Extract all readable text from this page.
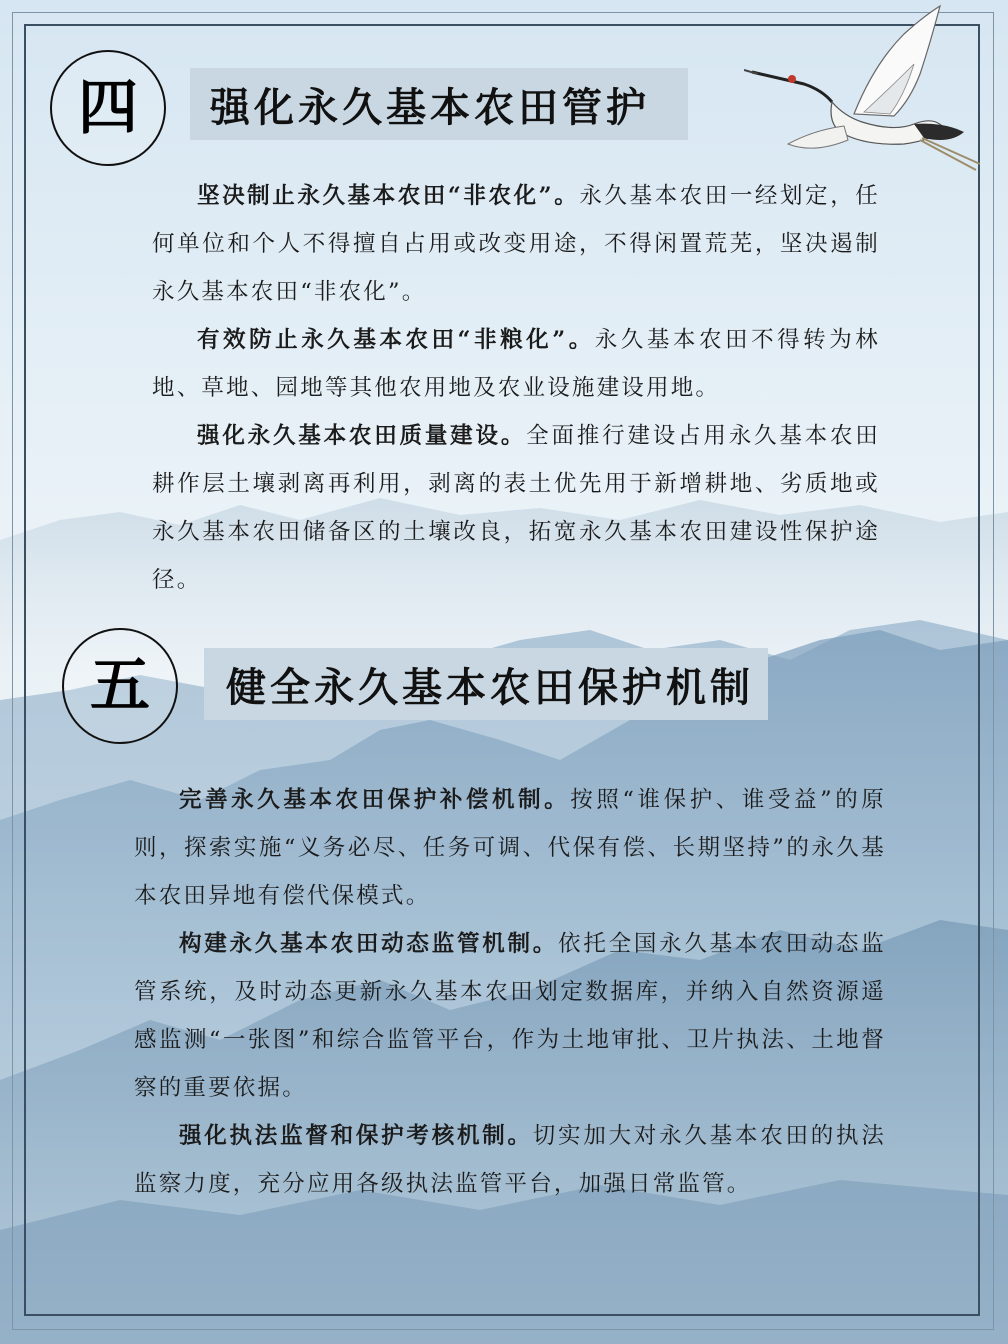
四 强化永久基本农田管护

坚决制止永久基本农田“非农化”。永久基本农田一经划定，任何单位和个人不得擅自占用或改变用途，不得闲置荒芜，坚决遏制永久基本农田“非农化”。

有效防止永久基本农田“非粮化”。永久基本农田不得转为林地、草地、园地等其他农用地及农业设施建设用地。

强化永久基本农田质量建设。全面推行建设占用永久基本农田耕作层土壤剥离再利用，剥离的表土优先用于新增耕地、劣质地或永久基本农田储备区的土壤改良，拓宽永久基本农田建设性保护途径。

五 健全永久基本农田保护机制

完善永久基本农田保护补偿机制。按照“谁保护、谁受益”的原则，探索实施“义务必尽、任务可调、代保有偿、长期坚持”的永久基本农田异地有偿代保模式。

构建永久基本农田动态监管机制。依托全国永久基本农田动态监管系统，及时动态更新永久基本农田划定数据库，并纳入自然资源遥感监测“一张图”和综合监管平台，作为土地审批、卫片执法、土地督察的重要依据。

强化执法监督和保护考核机制。切实加大对永久基本农田的执法监察力度，充分应用各级执法监管平台，加强日常监管。
